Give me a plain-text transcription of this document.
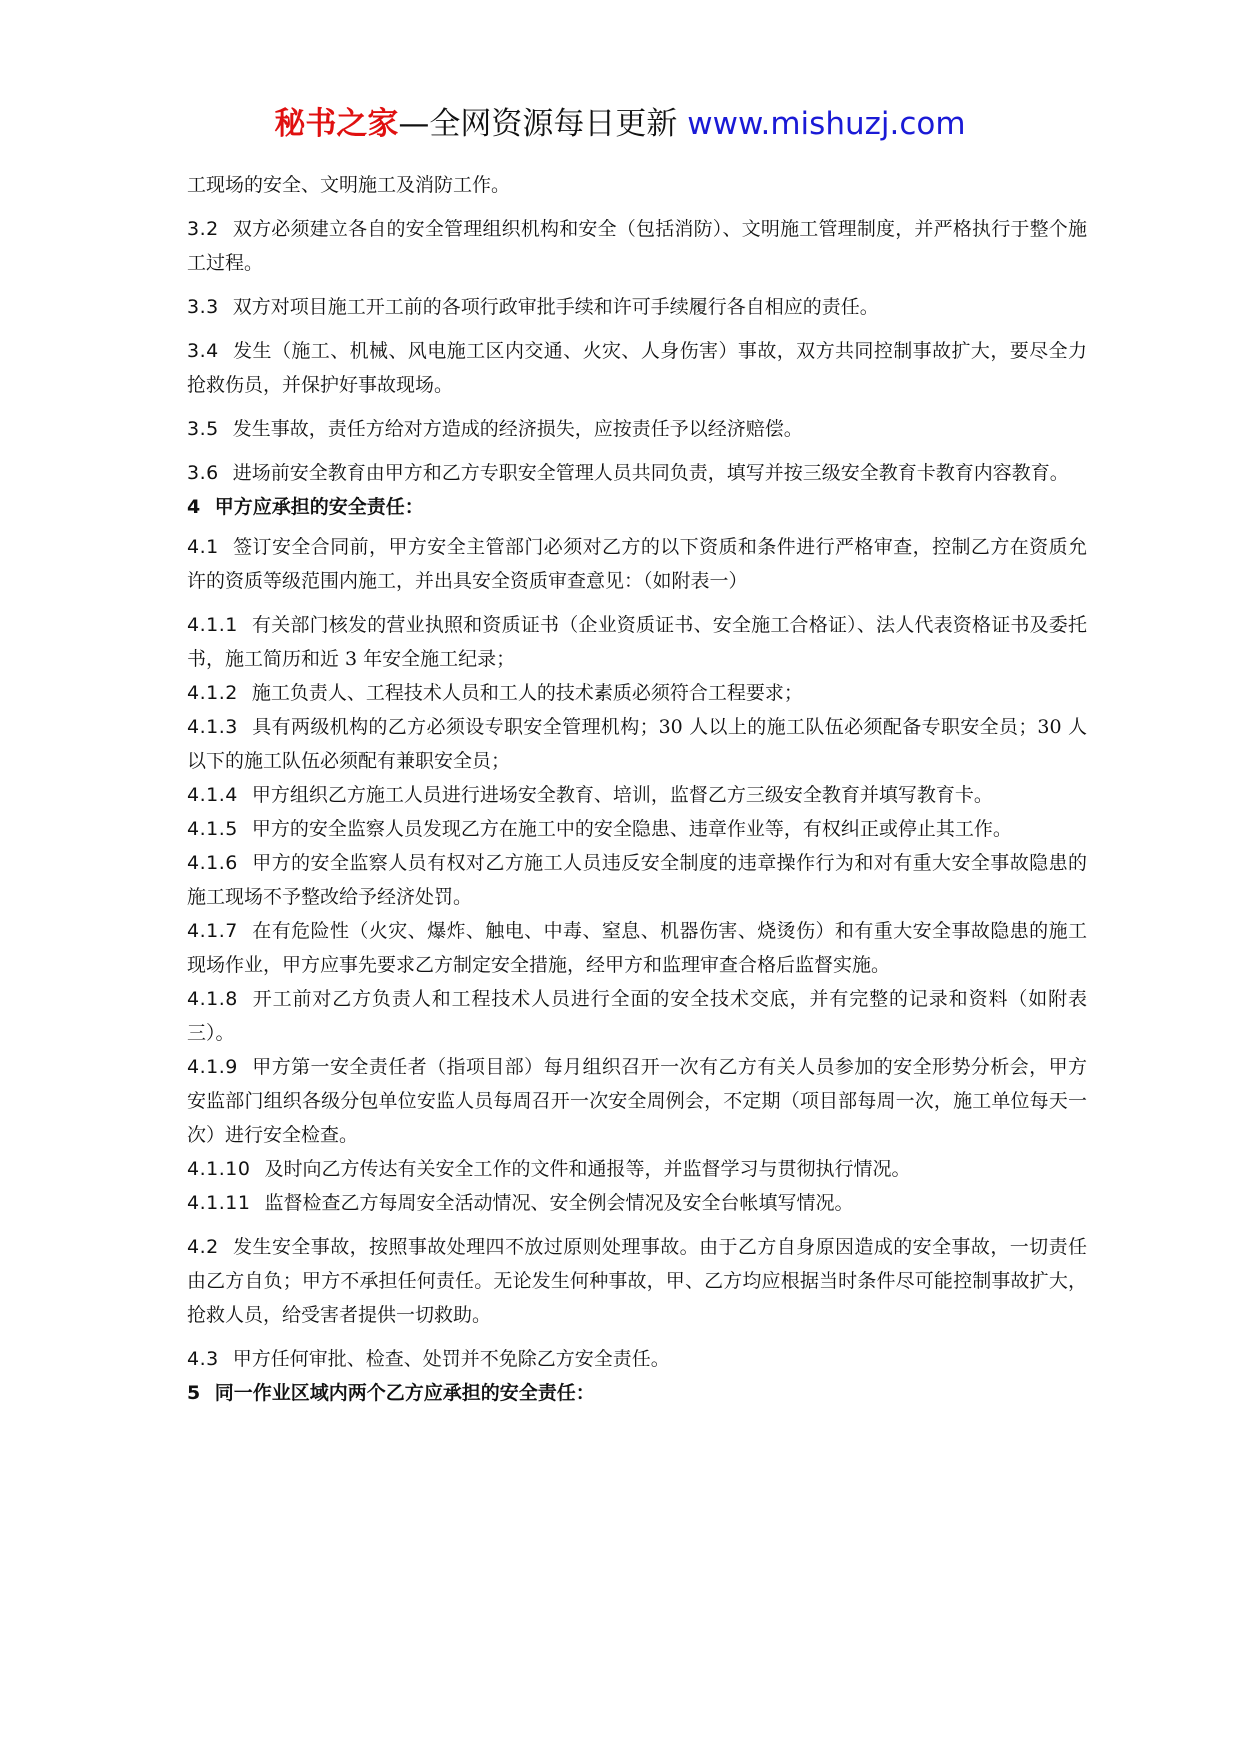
秘书之家—全网资源每日更新 www.mishuzj.com

工现场的安全、文明施工及消防工作。

3.2 双方必须建立各自的安全管理组织机构和安全（包括消防）、文明施工管理制度，并严格执行于整个施工过程。

3.3 双方对项目施工开工前的各项行政审批手续和许可手续履行各自相应的责任。

3.4 发生（施工、机械、风电施工区内交通、火灾、人身伤害）事故，双方共同控制事故扩大，要尽全力抢救伤员，并保护好事故现场。

3.5 发生事故，责任方给对方造成的经济损失，应按责任予以经济赔偿。

3.6 进场前安全教育由甲方和乙方专职安全管理人员共同负责，填写并按三级安全教育卡教育内容教育。

4 甲方应承担的安全责任：

4.1 签订安全合同前，甲方安全主管部门必须对乙方的以下资质和条件进行严格审查，控制乙方在资质允许的资质等级范围内施工，并出具安全资质审查意见：（如附表一）

4.1.1 有关部门核发的营业执照和资质证书（企业资质证书、安全施工合格证）、法人代表资格证书及委托书，施工简历和近 3 年安全施工纪录；

4.1.2 施工负责人、工程技术人员和工人的技术素质必须符合工程要求；

4.1.3 具有两级机构的乙方必须设专职安全管理机构；30 人以上的施工队伍必须配备专职安全员；30 人以下的施工队伍必须配有兼职安全员；

4.1.4 甲方组织乙方施工人员进行进场安全教育、培训，监督乙方三级安全教育并填写教育卡。

4.1.5 甲方的安全监察人员发现乙方在施工中的安全隐患、违章作业等，有权纠正或停止其工作。

4.1.6 甲方的安全监察人员有权对乙方施工人员违反安全制度的违章操作行为和对有重大安全事故隐患的施工现场不予整改给予经济处罚。

4.1.7 在有危险性（火灾、爆炸、触电、中毒、窒息、机器伤害、烧烫伤）和有重大安全事故隐患的施工现场作业，甲方应事先要求乙方制定安全措施，经甲方和监理审查合格后监督实施。

4.1.8 开工前对乙方负责人和工程技术人员进行全面的安全技术交底，并有完整的记录和资料（如附表三）。

4.1.9 甲方第一安全责任者（指项目部）每月组织召开一次有乙方有关人员参加的安全形势分析会，甲方安监部门组织各级分包单位安监人员每周召开一次安全周例会，不定期（项目部每周一次，施工单位每天一次）进行安全检查。

4.1.10 及时向乙方传达有关安全工作的文件和通报等，并监督学习与贯彻执行情况。

4.1.11 监督检查乙方每周安全活动情况、安全例会情况及安全台帐填写情况。

4.2 发生安全事故，按照事故处理四不放过原则处理事故。由于乙方自身原因造成的安全事故，一切责任由乙方自负；甲方不承担任何责任。无论发生何种事故，甲、乙方均应根据当时条件尽可能控制事故扩大，抢救人员，给受害者提供一切救助。

4.3 甲方任何审批、检查、处罚并不免除乙方安全责任。

5 同一作业区域内两个乙方应承担的安全责任：
